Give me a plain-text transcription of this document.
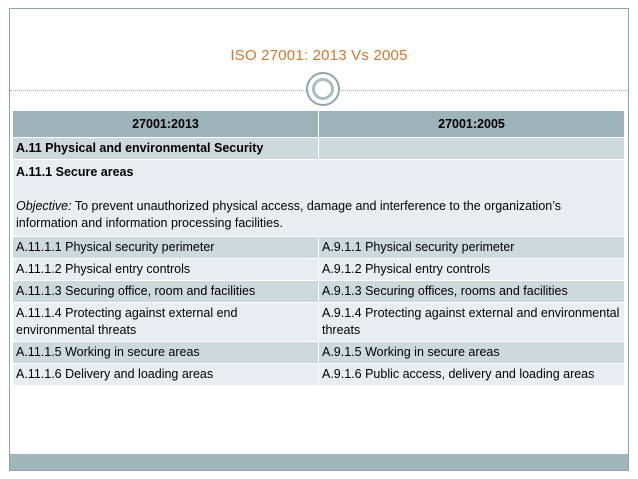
ISO 27001: 2013 Vs 2005
27001:2013	27001:2005
A.11 Physical and environmental Security	
A.11.1 Secure areas
Objective: To prevent unauthorized physical access, damage and interference to the organization’s information and information processing facilities.	

A.11.1.1 Physical security perimeter	A.9.1.1 Physical security perimeter
A.11.1.2 Physical entry controls	A.9.1.2 Physical entry controls
A.11.1.3 Securing office, room and facilities	A.9.1.3 Securing offices, rooms and facilities
A.11.1.4 Protecting against external end environmental threats	A.9.1.4 Protecting against external and environmental threats
A.11.1.5 Working in secure areas	A.9.1.5 Working in secure areas
A.11.1.6 Delivery and loading areas	A.9.1.6 Public access, delivery and loading areas
